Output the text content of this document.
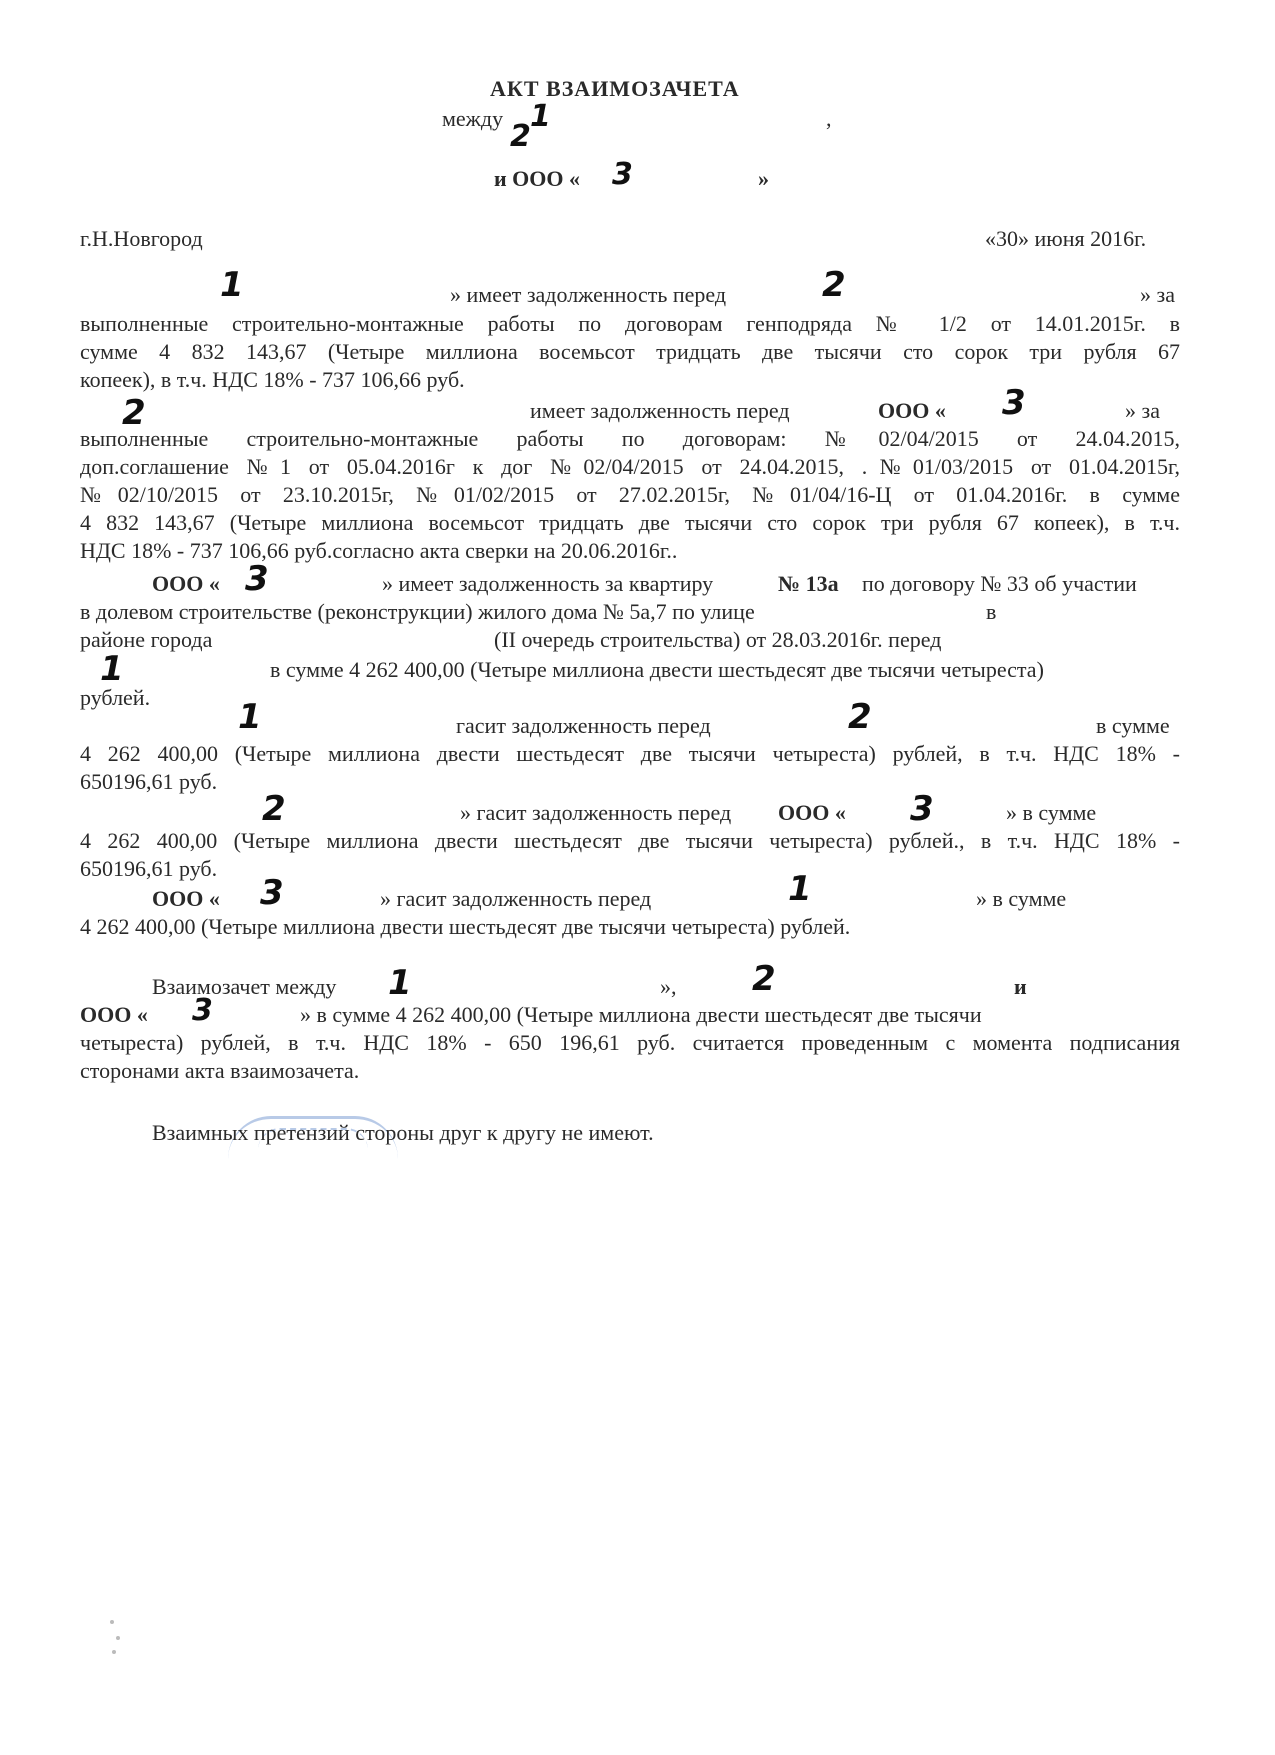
АКТ ВЗАИМОЗАЧЕТА
между 1
2
,
и ООО « 3	»
г.Н.Новгород	«30» июня 2016г.
1	» имеет задолженность перед	2	» за
выполненные строительно-монтажные работы по договорам генподряда № 1/2 от 14.01.2015г. в
сумме 4 832 143,67 (Четыре миллиона восемьсот тридцать две тысячи сто сорок три рубля 67
копеек), в т.ч. НДС 18% - 737 106,66 руб.
2	имеет задолженность перед	ООО « 3	» за
выполненные строительно-монтажные работы по договорам: №02/04/2015 от 24.04.2015,
доп.соглашение №1 от 05.04.2016г к дог №02/04/2015 от 24.04.2015, .№01/03/2015 от 01.04.2015г,
№02/10/2015 от 23.10.2015г, №01/02/2015 от 27.02.2015г, №01/04/16-Ц от 01.04.2016г. в сумме
4 832 143,67 (Четыре миллиона восемьсот тридцать две тысячи сто сорок три рубля 67 копеек), в т.ч.
НДС 18% - 737 106,66 руб.согласно акта сверки на 20.06.2016г..
ООО « 3	» имеет задолженность за квартиру	№ 13а по договору № 33 об участии
в долевом строительстве (реконструкции) жилого дома № 5а,7 по улице	в
районе города	(II очередь строительства) от 28.03.2016г. перед
1	в сумме 4 262 400,00 (Четыре миллиона двести шестьдесят две тысячи четыреста)
рублей.	1	гасит задолженность перед	2	в сумме
4 262 400,00 (Четыре миллиона двести шестьдесят две тысячи четыреста) рублей, в т.ч. НДС 18% -
650196,61 руб.
2	» гасит задолженность перед ООО « 3	» в сумме
4 262 400,00 (Четыре миллиона двести шестьдесят две тысячи четыреста) рублей., в т.ч. НДС 18% -
650196,61 руб.
ООО « 3	» гасит задолженность перед	1	» в сумме
4 262 400,00 (Четыре миллиона двести шестьдесят две тысячи четыреста) рублей.
Взаимозачет между 1	», 2	и
ООО « 3	» в сумме 4 262 400,00 (Четыре миллиона двести шестьдесят две тысячи
четыреста) рублей, в т.ч. НДС 18% - 650 196,61 руб. считается проведенным с момента подписания
сторонами акта взаимозачета.
Взаимных претензий стороны друг к другу не имеют.
